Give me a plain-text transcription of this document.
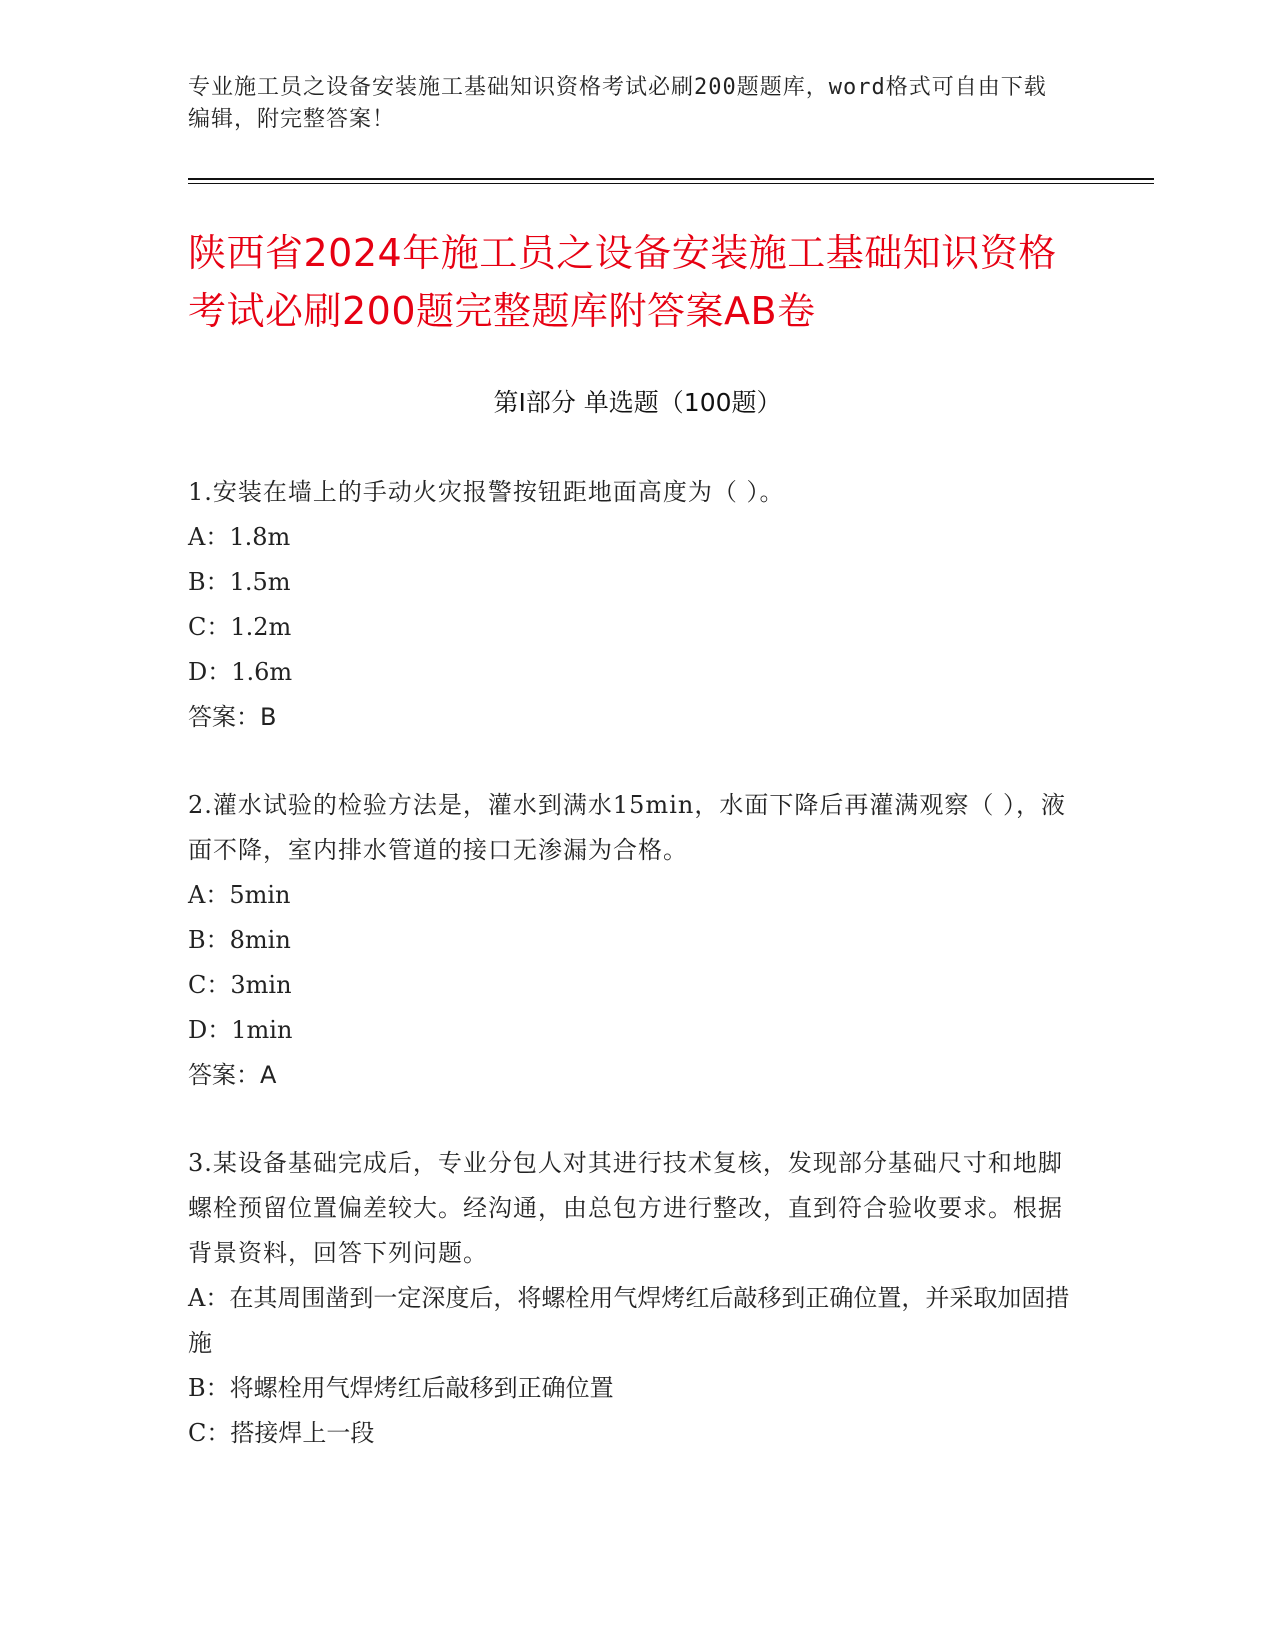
专业施工员之设备安装施工基础知识资格考试必刷200题题库，word格式可自由下载编辑，附完整答案！
陕西省2024年施工员之设备安装施工基础知识资格考试必刷200题完整题库附答案AB卷
第Ⅰ部分 单选题（100题）
1.安装在墙上的手动火灾报警按钮距地面高度为（ ）。
A：1.8m
B：1.5m
C：1.2m
D：1.6m
答案：B
2.灌水试验的检验方法是，灌水到满水15min，水面下降后再灌满观察（ ），液面不降，室内排水管道的接口无渗漏为合格。
A：5min
B：8min
C：3min
D：1min
答案：A
3.某设备基础完成后，专业分包人对其进行技术复核，发现部分基础尺寸和地脚螺栓预留位置偏差较大。经沟通，由总包方进行整改，直到符合验收要求。根据背景资料，回答下列问题。
A：在其周围凿到一定深度后，将螺栓用气焊烤红后敲移到正确位置，并采取加固措施
B：将螺栓用气焊烤红后敲移到正确位置
C：搭接焊上一段
